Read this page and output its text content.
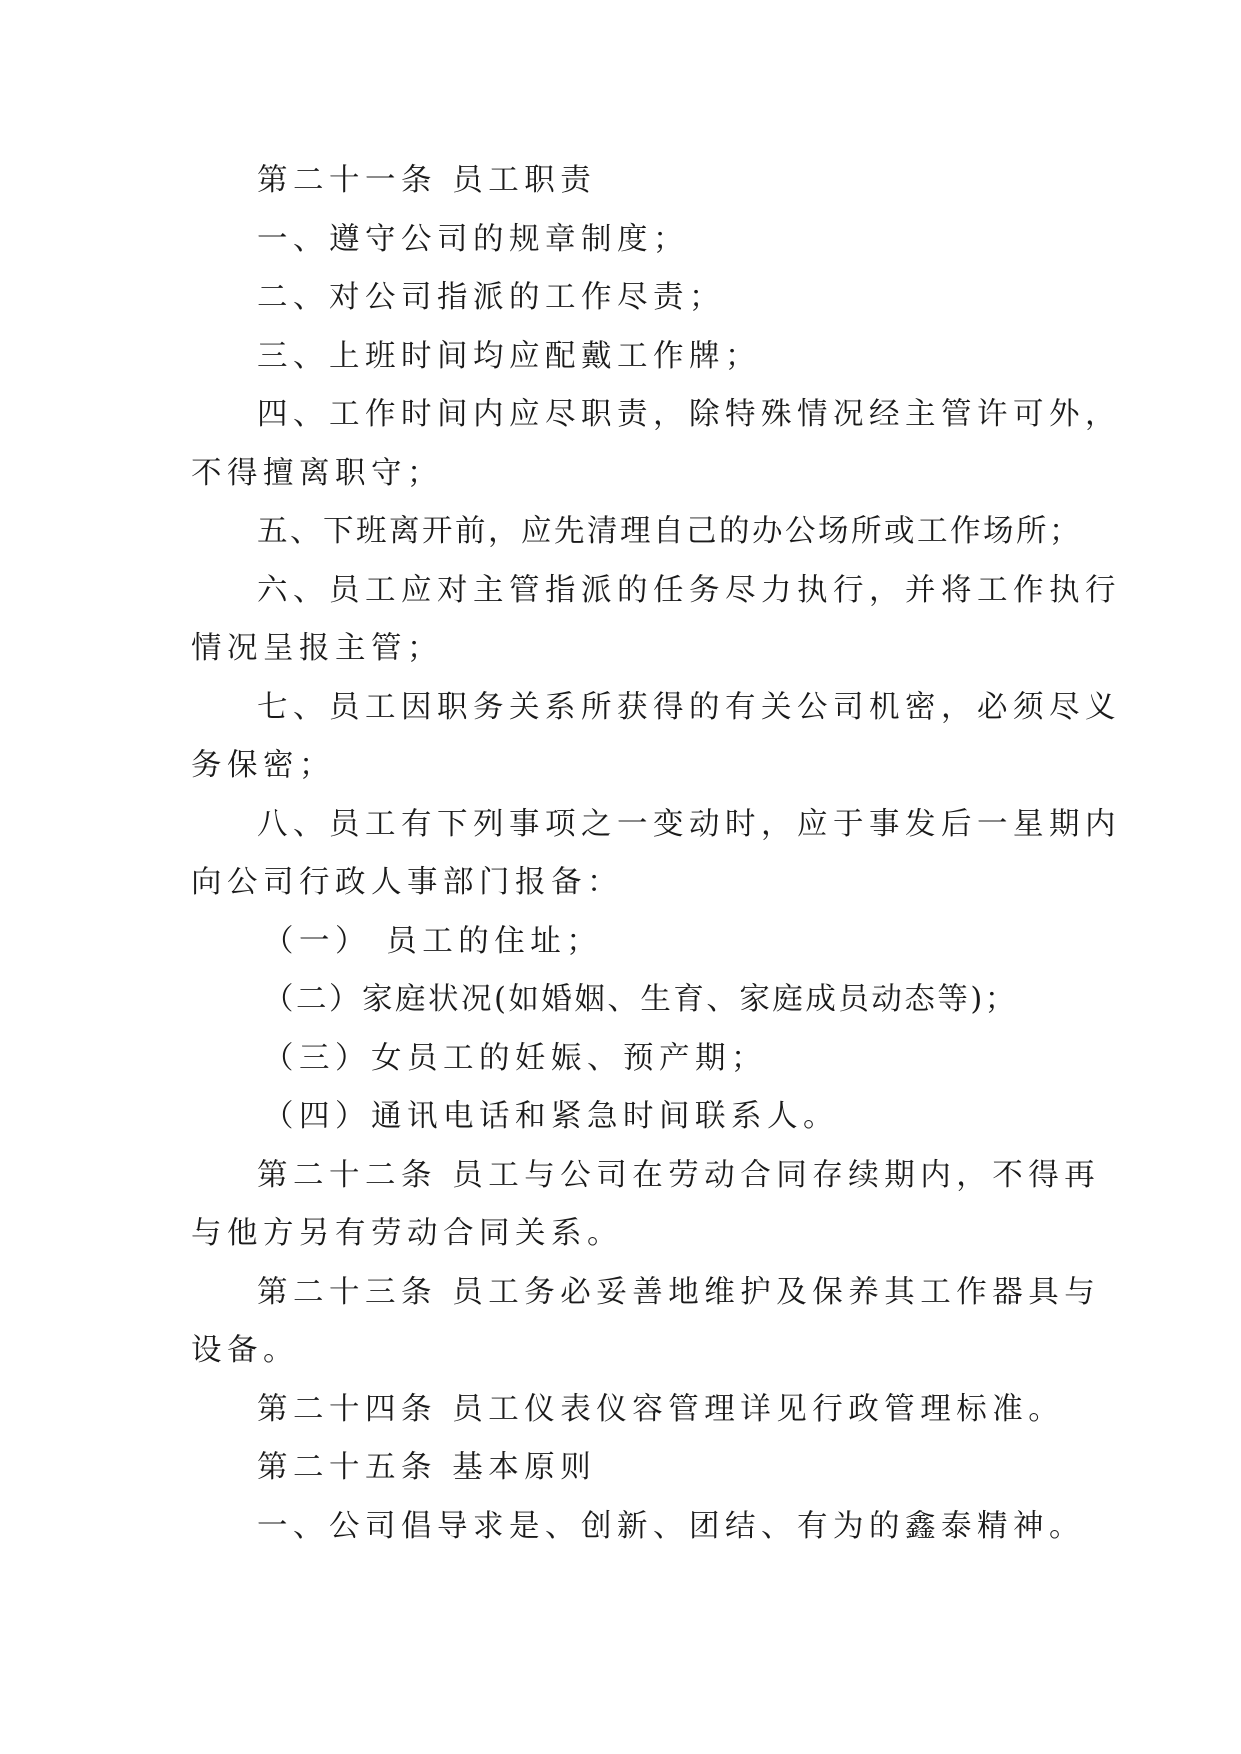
第二十一条 员工职责
一、遵守公司的规章制度；
二、对公司指派的工作尽责；
三、上班时间均应配戴工作牌；
四、工作时间内应尽职责，除特殊情况经主管许可外，
不得擅离职守；
五、下班离开前，应先清理自己的办公场所或工作场所；
六、员工应对主管指派的任务尽力执行，并将工作执行
情况呈报主管；
七、员工因职务关系所获得的有关公司机密，必须尽义
务保密；
八、员工有下列事项之一变动时，应于事发后一星期内
向公司行政人事部门报备：
（一） 员工的住址；
（二）家庭状况(如婚姻、生育、家庭成员动态等)；
（三）女员工的妊娠、预产期；
（四）通讯电话和紧急时间联系人。
第二十二条 员工与公司在劳动合同存续期内，不得再
与他方另有劳动合同关系。
第二十三条 员工务必妥善地维护及保养其工作器具与
设备。
第二十四条 员工仪表仪容管理详见行政管理标准。
第二十五条 基本原则
一、公司倡导求是、创新、团结、有为的鑫泰精神。
